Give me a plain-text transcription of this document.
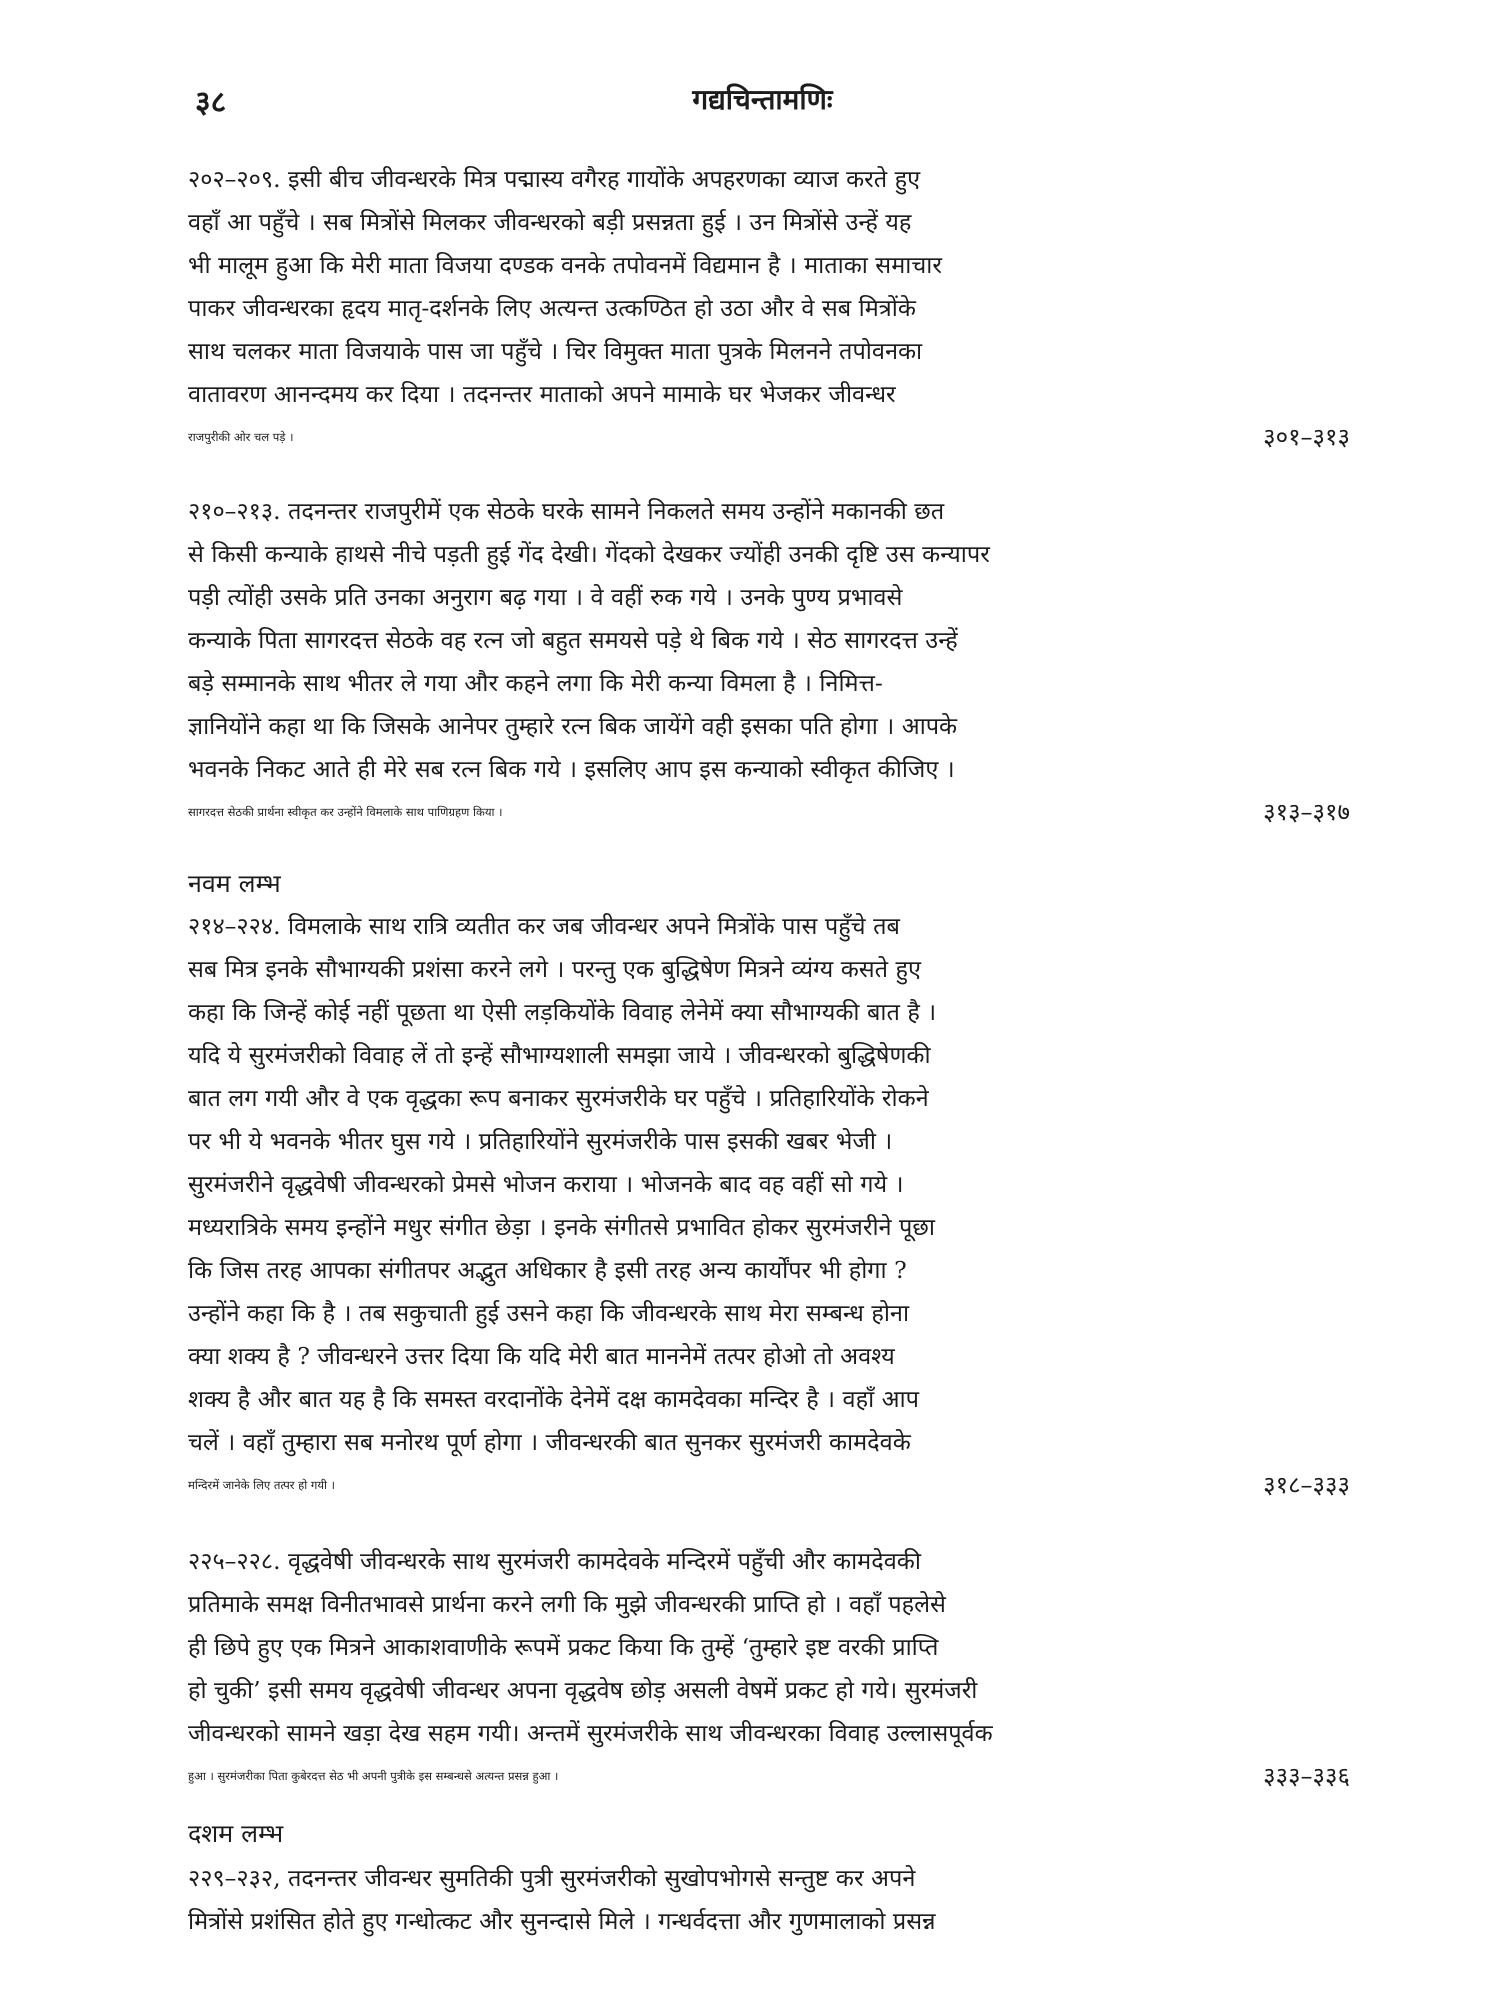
३८	गद्यचिन्तामणिः
२०२–२०९. इसी बीच जीवन्धरके मित्र पद्मास्य वगैरह गायोंके अपहरणका व्याज करते हुए
वहाँ आ पहुँचे । सब मित्रोंसे मिलकर जीवन्धरको बड़ी प्रसन्नता हुई । उन मित्रोंसे उन्हें यह
भी मालूम हुआ कि मेरी माता विजया दण्डक वनके तपोवनमें विद्यमान है । माताका समाचार
पाकर जीवन्धरका हृदय मातृ-दर्शनके लिए अत्यन्त उत्कण्ठित हो उठा और वे सब मित्रोंके
साथ चलकर माता विजयाके पास जा पहुँचे । चिर विमुक्त माता पुत्रके मिलनने तपोवनका
वातावरण आनन्दमय कर दिया । तदनन्तर माताको अपने मामाके घर भेजकर जीवन्धर
राजपुरीकी ओर चल पड़े ।	३०१–३१३
२१०–२१३. तदनन्तर राजपुरीमें एक सेठके घरके सामने निकलते समय उन्होंने मकानकी छत
से किसी कन्याके हाथसे नीचे पड़ती हुई गेंद देखी। गेंदको देखकर ज्योंही उनकी दृष्टि उस कन्यापर
पड़ी त्योंही उसके प्रति उनका अनुराग बढ़ गया । वे वहीं रुक गये । उनके पुण्य प्रभावसे
कन्याके पिता सागरदत्त सेठके वह रत्न जो बहुत समयसे पड़े थे बिक गये । सेठ सागरदत्त उन्हें
बड़े सम्मानके साथ भीतर ले गया और कहने लगा कि मेरी कन्या विमला है । निमित्त-
ज्ञानियोंने कहा था कि जिसके आनेपर तुम्हारे रत्न बिक जायेंगे वही इसका पति होगा । आपके
भवनके निकट आते ही मेरे सब रत्न बिक गये । इसलिए आप इस कन्याको स्वीकृत कीजिए ।
सागरदत्त सेठकी प्रार्थना स्वीकृत कर उन्होंने विमलाके साथ पाणिग्रहण किया ।	३१३–३१७
नवम लम्भ
२१४–२२४. विमलाके साथ रात्रि व्यतीत कर जब जीवन्धर अपने मित्रोंके पास पहुँचे तब
सब मित्र इनके सौभाग्यकी प्रशंसा करने लगे । परन्तु एक बुद्धिषेण मित्रने व्यंग्य कसते हुए
कहा कि जिन्हें कोई नहीं पूछता था ऐसी लड़कियोंके विवाह लेनेमें क्या सौभाग्यकी बात है ।
यदि ये सुरमंजरीको विवाह लें तो इन्हें सौभाग्यशाली समझा जाये । जीवन्धरको बुद्धिषेणकी
बात लग गयी और वे एक वृद्धका रूप बनाकर सुरमंजरीके घर पहुँचे । प्रतिहारियोंके रोकने
पर भी ये भवनके भीतर घुस गये । प्रतिहारियोंने सुरमंजरीके पास इसकी खबर भेजी ।
सुरमंजरीने वृद्धवेषी जीवन्धरको प्रेमसे भोजन कराया । भोजनके बाद वह वहीं सो गये ।
मध्यरात्रिके समय इन्होंने मधुर संगीत छेड़ा । इनके संगीतसे प्रभावित होकर सुरमंजरीने पूछा
कि जिस तरह आपका संगीतपर अद्भुत अधिकार है इसी तरह अन्य कार्योंपर भी होगा ?
उन्होंने कहा कि है । तब सकुचाती हुई उसने कहा कि जीवन्धरके साथ मेरा सम्बन्ध होना
क्या शक्य है ? जीवन्धरने उत्तर दिया कि यदि मेरी बात माननेमें तत्पर होओ तो अवश्य
शक्य है और बात यह है कि समस्त वरदानोंके देनेमें दक्ष कामदेवका मन्दिर है । वहाँ आप
चलें । वहाँ तुम्हारा सब मनोरथ पूर्ण होगा । जीवन्धरकी बात सुनकर सुरमंजरी कामदेवके
मन्दिरमें जानेके लिए तत्पर हो गयी ।	३१८–३३३
२२५–२२८. वृद्धवेषी जीवन्धरके साथ सुरमंजरी कामदेवके मन्दिरमें पहुँची और कामदेवकी
प्रतिमाके समक्ष विनीतभावसे प्रार्थना करने लगी कि मुझे जीवन्धरकी प्राप्ति हो । वहाँ पहलेसे
ही छिपे हुए एक मित्रने आकाशवाणीके रूपमें प्रकट किया कि तुम्हें ‘तुम्हारे इष्ट वरकी प्राप्ति
हो चुकी’ इसी समय वृद्धवेषी जीवन्धर अपना वृद्धवेष छोड़ असली वेषमें प्रकट हो गये। सुरमंजरी
जीवन्धरको सामने खड़ा देख सहम गयी। अन्तमें सुरमंजरीके साथ जीवन्धरका विवाह उल्लासपूर्वक
हुआ । सुरमंजरीका पिता कुबेरदत्त सेठ भी अपनी पुत्रीके इस सम्बन्धसे अत्यन्त प्रसन्न हुआ ।	३३३–३३६
दशम लम्भ
२२९–२३२, तदनन्तर जीवन्धर सुमतिकी पुत्री सुरमंजरीको सुखोपभोगसे सन्तुष्ट कर अपने
मित्रोंसे प्रशंसित होते हुए गन्धोत्कट और सुनन्दासे मिले । गन्धर्वदत्ता और गुणमालाको प्रसन्न
